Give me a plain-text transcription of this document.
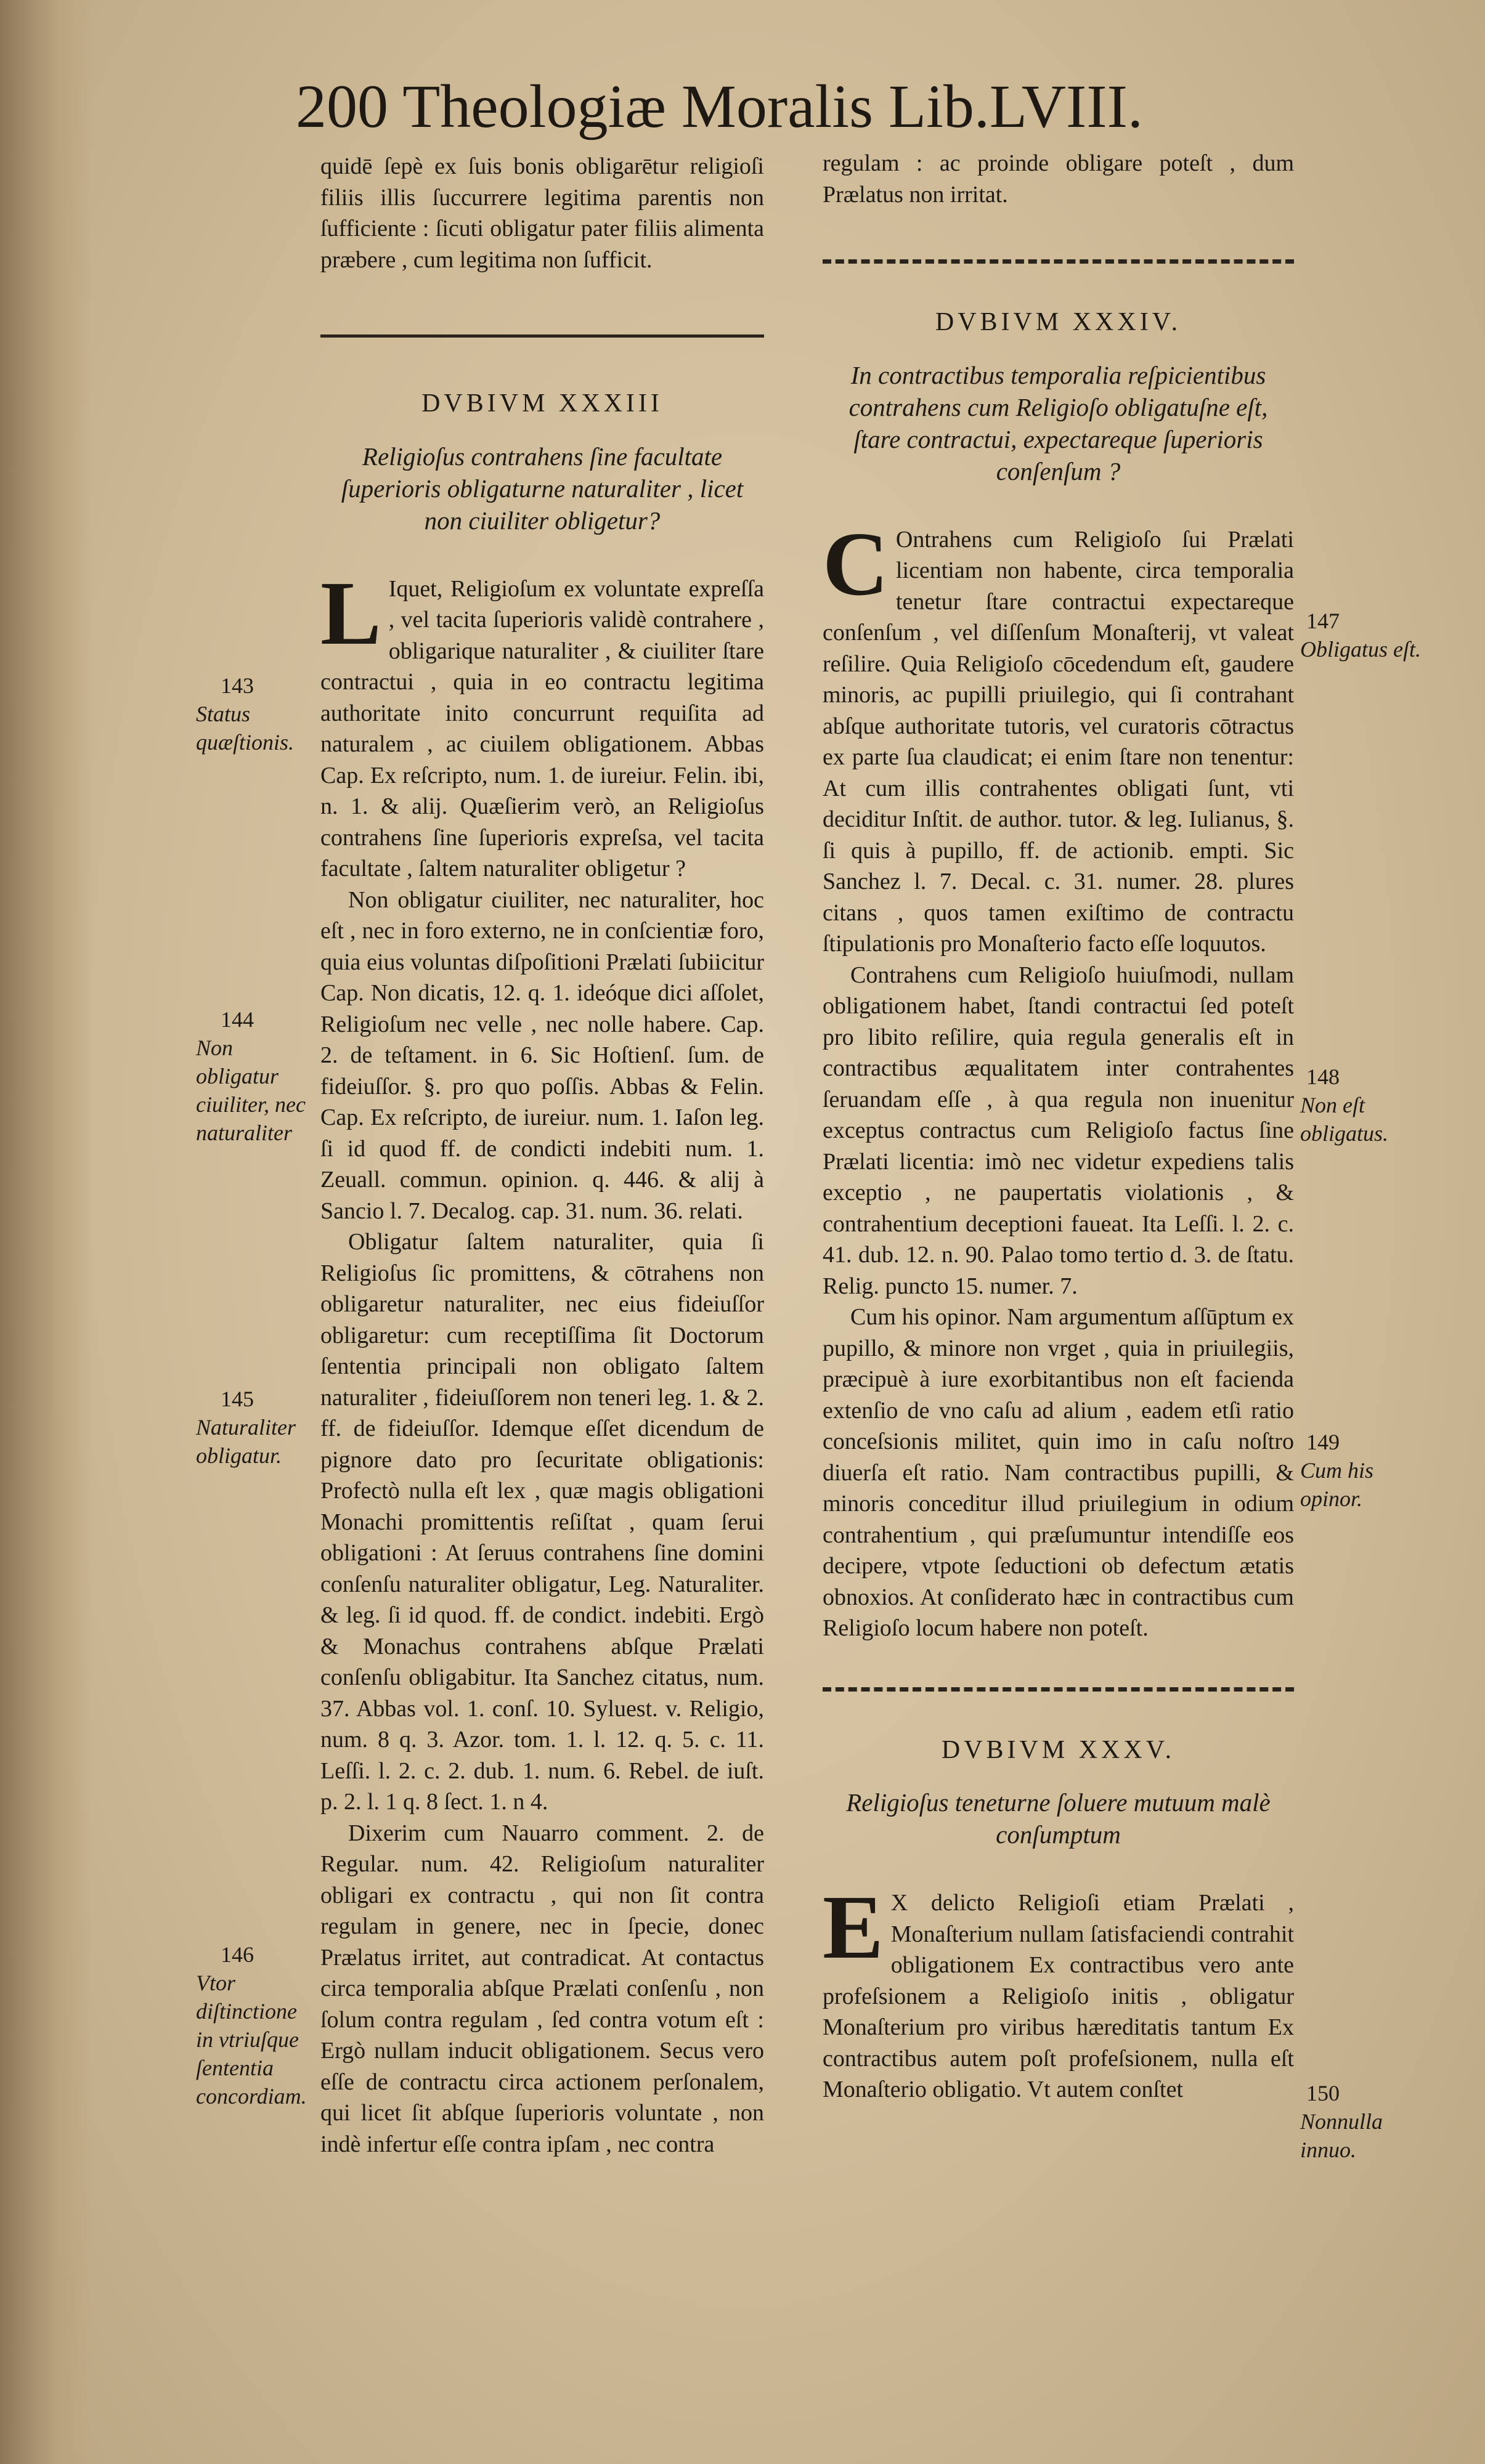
200 Theologiæ Moralis Lib.LVIII.

quidē ſepè ex ſuis bonis obligarētur religioſi filiis illis ſuccurrere legitima parentis non ſufficiente : ſicuti obligatur pater filiis alimenta præbere , cum legitima non ſufficit.

DVBIVM XXXIII
Religioſus contrahens ſine facultate ſuperioris obligaturne naturaliter , licet non ciuiliter obligetur?

L Iquet, Religioſum ex voluntate expreſſa , vel tacita ſuperioris validè contrahere , obligarique naturaliter , & ciuiliter ſtare contractui , quia in eo contractu legitima authoritate inito concurrunt requiſita ad naturalem , ac ciuilem obligationem. Abbas Cap. Ex reſcripto, num. 1. de iureiur. Felin. ibi, n. 1. & alij. Quæſierim verò, an Religioſus contrahens ſine ſuperioris expreſsa, vel tacita facultate , ſaltem naturaliter obligetur ?

Non obligatur ciuiliter, nec naturaliter, hoc eſt , nec in foro externo, ne in conſcientiæ foro, quia eius voluntas diſpoſitioni Prælati ſubiicitur Cap. Non dicatis, 12. q. 1. ideóque dici aſſolet, Religioſum nec velle , nec nolle habere. Cap. 2. de teſtament. in 6. Sic Hoſtienſ. ſum. de fideiuſſor. §. pro quo poſſis. Abbas & Felin. Cap. Ex reſcripto, de iureiur. num. 1. Iaſon leg. ſi id quod ff. de condicti indebiti num. 1. Zeuall. commun. opinion. q. 446. & alij à Sancio l. 7. Decalog. cap. 31. num. 36. relati.

Obligatur ſaltem naturaliter, quia ſi Religioſus ſic promittens, & cōtrahens non obligaretur naturaliter, nec eius fideiuſſor obligaretur: cum receptiſſima ſit Doctorum ſententia principali non obligato ſaltem naturaliter , fideiuſſorem non teneri leg. 1. & 2. ff. de fideiuſſor. Idemque eſſet dicendum de pignore dato pro ſecuritate obligationis: Profectò nulla eſt lex , quæ magis obligationi Monachi promittentis reſiſtat , quam ſerui obligationi : At ſeruus contrahens ſine domini conſenſu naturaliter obligatur, Leg. Naturaliter. & leg. ſi id quod. ff. de condict. indebiti. Ergò & Monachus contrahens abſque Prælati conſenſu obligabitur. Ita Sanchez citatus, num. 37. Abbas vol. 1. conſ. 10. Syluest. v. Religio, num. 8 q. 3. Azor. tom. 1. l. 12. q. 5. c. 11. Leſſi. l. 2. c. 2. dub. 1. num. 6. Rebel. de iuſt. p. 2. l. 1 q. 8 ſect. 1. n 4.

Dixerim cum Nauarro comment. 2. de Regular. num. 42. Religioſum naturaliter obligari ex contractu , qui non ſit contra regulam in genere, nec in ſpecie, donec Prælatus irritet, aut contradicat. At contactus circa temporalia abſque Prælati conſenſu , non ſolum contra regulam , ſed contra votum eſt : Ergò nullam inducit obligationem. Secus vero eſſe de contractu circa actionem perſonalem, qui licet ſit abſque ſuperioris voluntate , non indè infertur eſſe contra ipſam , nec contra

regulam : ac proinde obligare poteſt , dum Prælatus non irritat.

DVBIVM XXXIV.
In contractibus temporalia reſpicientibus contrahens cum Religioſo obligatuſne eſt, ſtare contractui, expectareque ſuperioris conſenſum ?

C Ontrahens cum Religioſo ſui Prælati licentiam non habente, circa temporalia tenetur ſtare contractui expectareque conſenſum , vel diſſenſum Monaſterij, vt valeat reſilire. Quia Religioſo cōcedendum eſt, gaudere minoris, ac pupilli priuilegio, qui ſi contrahant abſque authoritate tutoris, vel curatoris cōtractus ex parte ſua claudicat; ei enim ſtare non tenentur: At cum illis contrahentes obligati ſunt, vti deciditur Inſtit. de author. tutor. & leg. Iulianus, §. ſi quis à pupillo, ff. de actionib. empti. Sic Sanchez l. 7. Decal. c. 31. numer. 28. plures citans , quos tamen exiſtimo de contractu ſtipulationis pro Monaſterio facto eſſe loquutos.

Contrahens cum Religioſo huiuſmodi, nullam obligationem habet, ſtandi contractui ſed poteſt pro libito reſilire, quia regula generalis eſt in contractibus æqualitatem inter contrahentes ſeruandam eſſe , à qua regula non inuenitur exceptus contractus cum Religioſo factus ſine Prælati licentia: imò nec videtur expediens talis exceptio , ne paupertatis violationis , & contrahentium deceptioni faueat. Ita Leſſi. l. 2. c. 41. dub. 12. n. 90. Palao tomo tertio d. 3. de ſtatu. Relig. puncto 15. numer. 7.

Cum his opinor. Nam argumentum aſſūptum ex pupillo, & minore non vrget , quia in priuilegiis, præcipuè à iure exorbitantibus non eſt facienda extenſio de vno caſu ad alium , eadem etſi ratio conceſsionis militet, quin imo in caſu noſtro diuerſa eſt ratio. Nam contractibus pupilli, & minoris conceditur illud priuilegium in odium contrahentium , qui præſumuntur intendiſſe eos decipere, vtpote ſeductioni ob defectum ætatis obnoxios. At conſiderato hæc in contractibus cum Religioſo locum habere non poteſt.

DVBIVM XXXV.
Religioſus teneturne ſoluere mutuum malè conſumptum

E X delicto Religioſi etiam Prælati , Monaſterium nullam ſatisfaciendi contrahit obligationem Ex contractibus vero ante profeſsionem a Religioſo initis , obligatur Monaſterium pro viribus hæreditatis tantum Ex contractibus autem poſt profeſsionem, nulla eſt Monaſterio obligatio. Vt autem conſtet

143
Status quæſtionis.
144
Non obligatur ciuiliter, nec naturaliter
145
Naturaliter obligatur.
146
Vtor diſtinctione in vtriuſque ſententia concordiam.
147
Obligatus eſt.
148
Non eſt obligatus.
149
Cum his opinor.
150
Nonnulla innuo.
